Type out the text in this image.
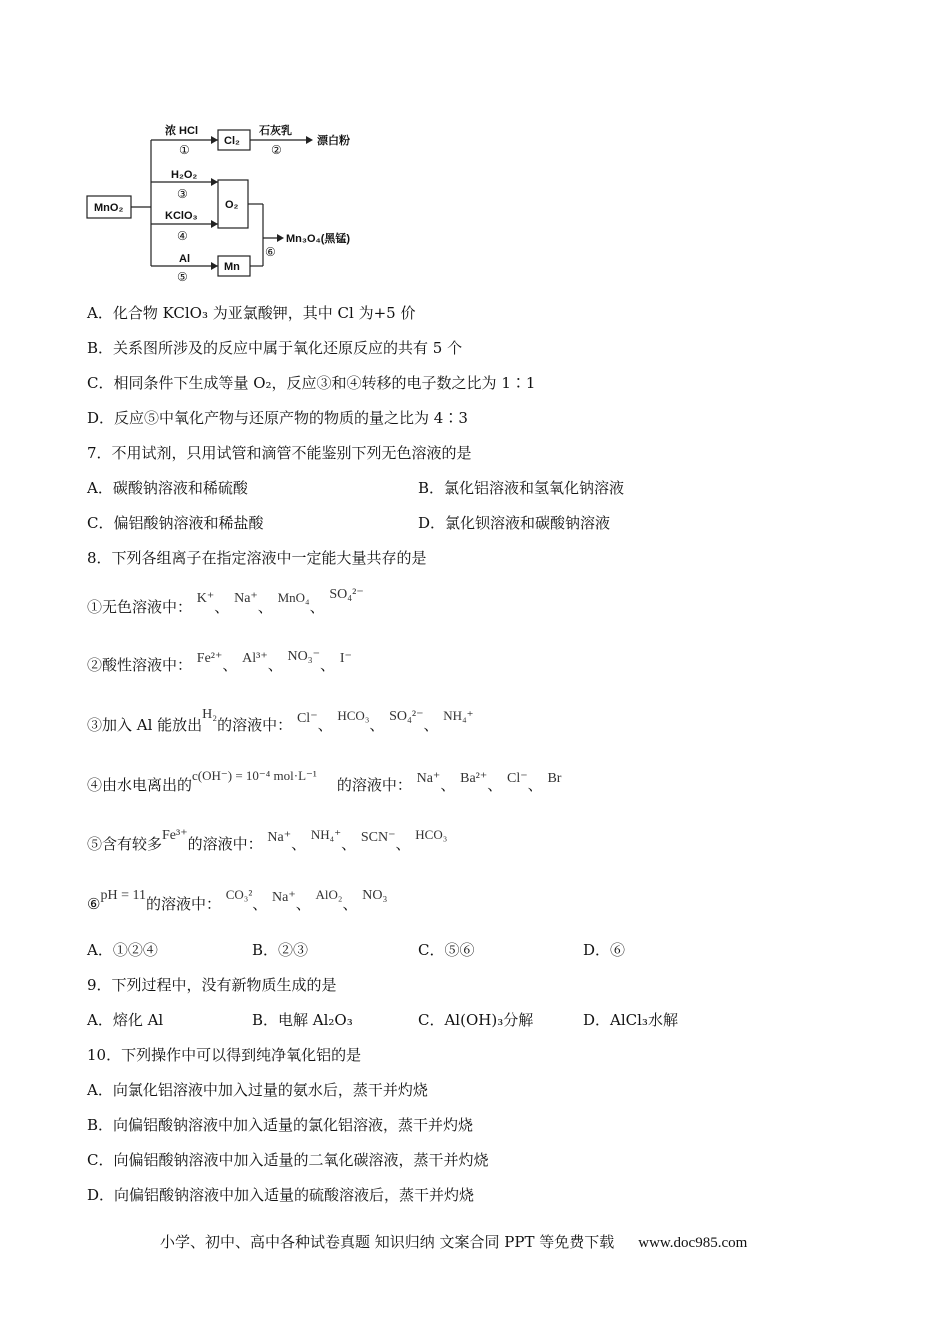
MnO₂
Cl₂
O₂
Mn
浓 HCl
①
石灰乳
②
漂白粉
H₂O₂
③
KClO₃
④
Al
⑤
⑥
Mn₃O₄(黑锰)
A．化合物 KClO₃ 为亚氯酸钾，其中 Cl 为+5 价
B．关系图所涉及的反应中属于氧化还原反应的共有 5 个
C．相同条件下生成等量 O₂，反应③和④转移的电子数之比为 1∶1
D．反应⑤中氧化产物与还原产物的物质的量之比为 4∶3
7．不用试剂，只用试管和滴管不能鉴别下列无色溶液的是
A．碳酸钠溶液和稀硫酸	B．氯化铝溶液和氢氧化钠溶液
C．偏铝酸钠溶液和稀盐酸	D．氯化钡溶液和碳酸钠溶液
8．下列各组离子在指定溶液中一定能大量共存的是
①无色溶液中： K⁺、 Na⁺、 MnO₄、 SO₄²⁻
②酸性溶液中： Fe²⁺、 Al³⁺、 NO₃⁻、 I⁻
③加入 Al 能放出H₂的溶液中： Cl⁻、 HCO₃、 SO₄²⁻、 NH₄⁺
④由水电离出的c(OH⁻) = 10⁻⁴ mol·L⁻¹的溶液中： Na⁺、 Ba²⁺、 Cl⁻、 Br
⑤含有较多Fe³⁺的溶液中： Na⁺、 NH₄⁺、 SCN⁻、 HCO₃
⑥pH = 11的溶液中： CO₃²、 Na⁺、 AlO₂、 NO₃
A．①②④	B．②③	C．⑤⑥	D．⑥
9．下列过程中，没有新物质生成的是
A．熔化 Al	B．电解 Al₂O₃	C．Al(OH)₃分解	D．AlCl₃水解
10．下列操作中可以得到纯净氧化铝的是
A．向氯化铝溶液中加入过量的氨水后，蒸干并灼烧
B．向偏铝酸钠溶液中加入适量的氯化铝溶液，蒸干并灼烧
C．向偏铝酸钠溶液中加入适量的二氧化碳溶液，蒸干并灼烧
D．向偏铝酸钠溶液中加入适量的硫酸溶液后，蒸干并灼烧
小学、初中、高中各种试卷真题 知识归纳 文案合同 PPT 等免费下载 www.doc985.com
